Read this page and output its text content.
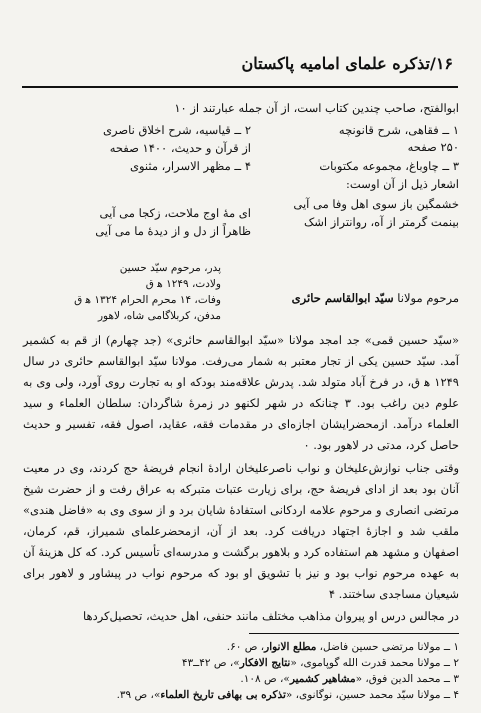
۱۶/تذکره علمای امامیه پاکستان
ابوالفتح، صاحب چندین کتاب است، از آن جمله عبارتند از ۱۰
۱ ــ فقاهی، شرح قانونچه
۲ ــ قیاسیه، شرح اخلاق ناصری
۲۵۰ صفحه
از قرآن و حدیث، ۱۴۰۰ صفحه
۳ ــ چاوباغ، مجموعه مکتوبات
۴ ــ مظهر الاسرار، مثنوی
اشعار ذیل از آن اوست:
خشمگین باز سوی اهل وفا می آیی
بینمت گرمتر از آه، روانتراز اشک
ای مهٔ اوج ملاحت، زکجا می آیی
ظاهراً از دل و از دیدهٔ ما می آیی
مرحوم مولانا سیّد ابوالقاسم حائری
پدر، مرحوم سیّد حسین
ولادت، ۱۲۴۹ ه‍ ق
وفات، ۱۴ محرم الحرام ۱۳۲۴ ه‍ ق
مدفن، کربلاگامی شاه، لاهور
«سیّد حسین قمی» جد امجد مولانا «سیّد ابوالقاسم حائری» (جد چهارم) از قم به کشمیر آمد. سیّد حسین یکی از تجار معتبر به شمار می‌رفت. مولانا سیّد ابوالقاسم حائری در سال ۱۲۴۹ ه‍ ق، در فرخ آباد متولد شد. پدرش علاقه‌مند بودکه او به تجارت روی آورد، ولی وی به علوم دین راغب بود. ۳ چنانکه در شهر لکنهو در زمرهٔ شاگردان: سلطان العلماء و سید العلماء درآمد. ازمحضرایشان اجازه‌ای در مقدمات فقه، عقاید، اصول فقه، تفسیر و حدیث حاصل کرد، مدتی در لاهور بود. ۰
وقتی جناب نوازش‌علیخان و نواب ناصرعلیخان ارادهٔ انجام فریضهٔ حج کردند، وی در معیت آنان بود بعد از ادای فریضهٔ حج، برای زیارت عتبات متبرکه به عراق رفت و از حضرت شیخ مرتضی انصاری و مرحوم علامه اردکانی استفادهٔ شایان برد و از سوی وی به «فاضل هندی» ملقب شد و اجازهٔ اجتهاد دریافت کرد. بعد از آن، ازمحضرعلمای شمیراز، قم، کرمان، اصفهان و مشهد هم استفاده کرد و بلاهور برگشت و مدرسه‌ای تأسیس کرد. که کل هزینهٔ آن به عهده مرحوم نواب بود و نیز با تشویق او بود که مرحوم نواب در پیشاور و لاهور برای شیعیان مساجدی ساختند. ۴
در مجالس درس او پیروان مذاهب مختلف مانند حنفی، اهل حدیث، تحصیل‌کردها
۱ ــ مولانا مرتضی حسین فاضل، مطلع الانوار، ص ۶۰.
۲ ــ مولانا محمد قدرت الله گوپاموی، «نتایج الافکار»، ص ۴۲ــ۴۳
۳ ــ محمد الدین فوق، «مشاهیر کشمیر»، ص ۱۰۸.
۴ ــ مولانا سیّد محمد حسین، نوگانوی، «تذکره بی بهافی تاریخ العلماء»، ص ۳۹.
